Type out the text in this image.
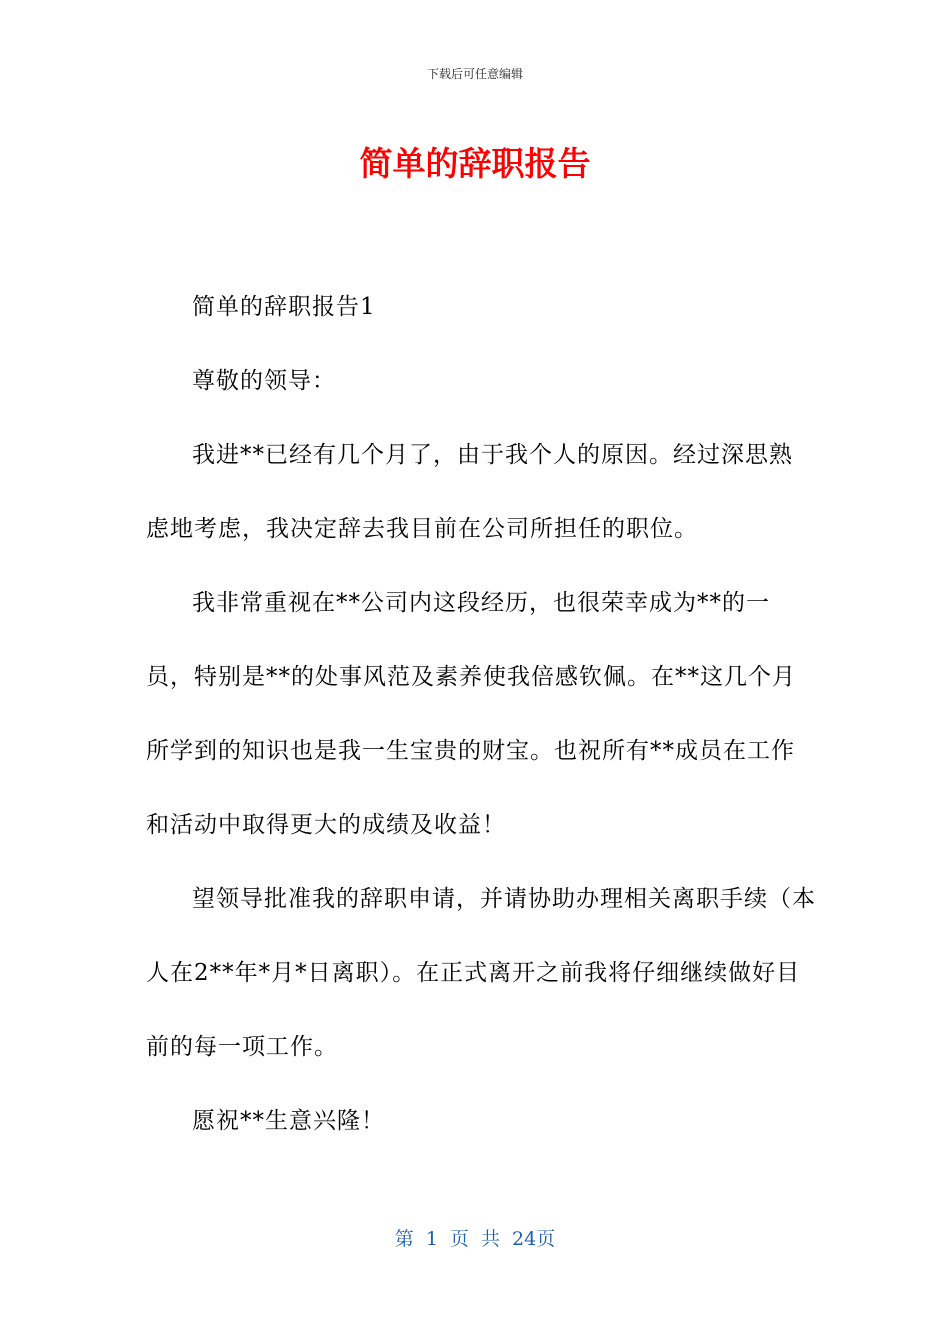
下载后可任意编辑
简单的辞职报告

简单的辞职报告1

尊敬的领导：

我进**已经有几个月了，由于我个人的原因。经过深思熟虑地考虑，我决定辞去我目前在公司所担任的职位。

我非常重视在**公司内这段经历，也很荣幸成为**的一员，特别是**的处事风范及素养使我倍感钦佩。在**这几个月所学到的知识也是我一生宝贵的财宝。也祝所有**成员在工作和活动中取得更大的成绩及收益！

望领导批准我的辞职申请，并请协助办理相关离职手续（本人在2**年*月*日离职）。在正式离开之前我将仔细继续做好目前的每一项工作。

愿祝**生意兴隆！

第 1 页 共 24页
